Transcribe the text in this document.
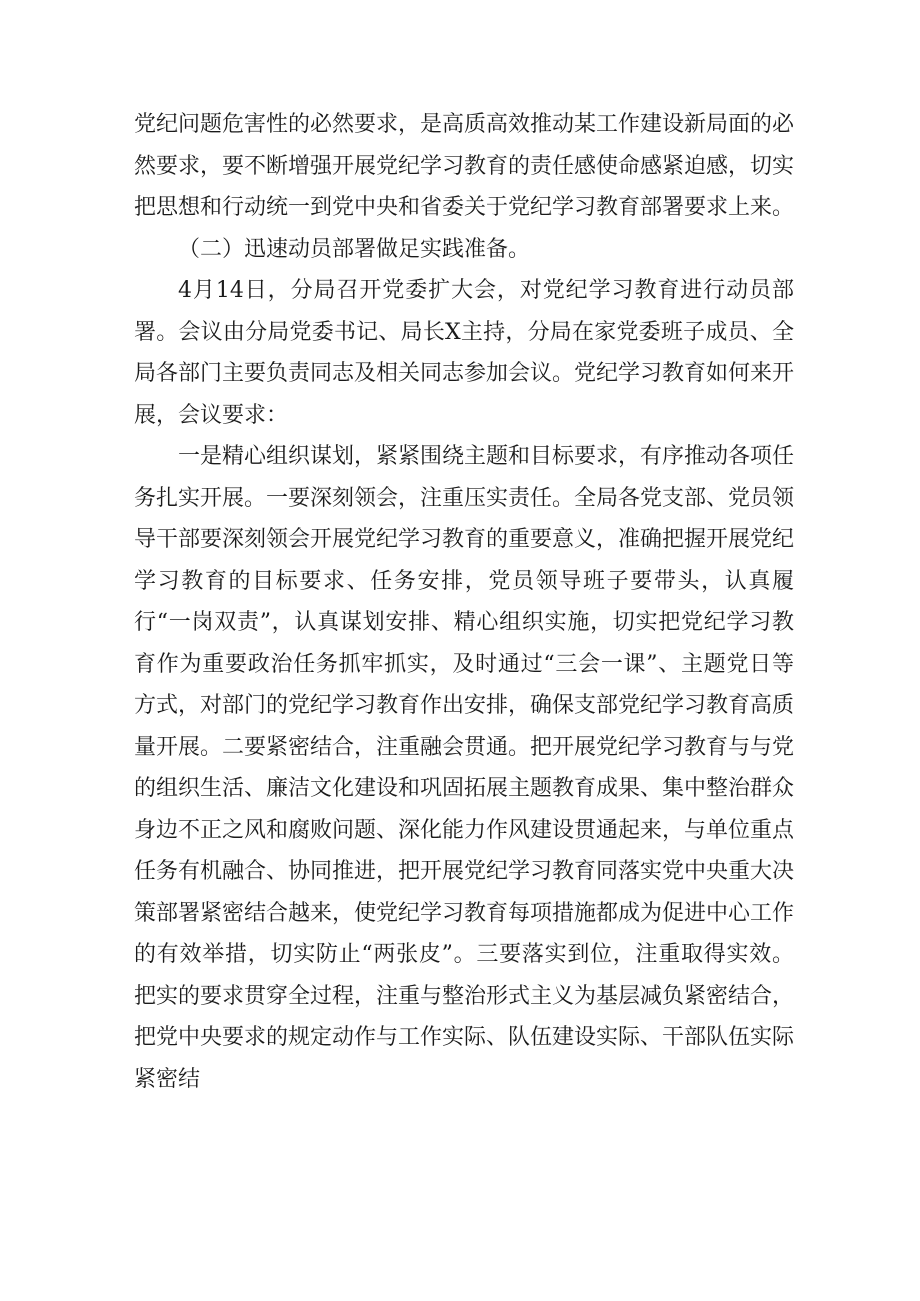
党纪问题危害性的必然要求，是高质高效推动某工作建设新局面的必然要求，要不断增强开展党纪学习教育的责任感使命感紧迫感，切实把思想和行动统一到党中央和省委关于党纪学习教育部署要求上来。

（二）迅速动员部署做足实践准备。

4月14日，分局召开党委扩大会，对党纪学习教育进行动员部署。会议由分局党委书记、局长X主持，分局在家党委班子成员、全局各部门主要负责同志及相关同志参加会议。党纪学习教育如何来开展，会议要求：

一是精心组织谋划，紧紧围绕主题和目标要求，有序推动各项任务扎实开展。一要深刻领会，注重压实责任。全局各党支部、党员领导干部要深刻领会开展党纪学习教育的重要意义，准确把握开展党纪学习教育的目标要求、任务安排，党员领导班子要带头，认真履行“一岗双责”，认真谋划安排、精心组织实施，切实把党纪学习教育作为重要政治任务抓牢抓实，及时通过“三会一课”、主题党日等方式，对部门的党纪学习教育作出安排，确保支部党纪学习教育高质量开展。二要紧密结合，注重融会贯通。把开展党纪学习教育与与党的组织生活、廉洁文化建设和巩固拓展主题教育成果、集中整治群众身边不正之风和腐败问题、深化能力作风建设贯通起来，与单位重点任务有机融合、协同推进，把开展党纪学习教育同落实党中央重大决策部署紧密结合越来，使党纪学习教育每项措施都成为促进中心工作的有效举措，切实防止“两张皮”。三要落实到位，注重取得实效。把实的要求贯穿全过程，注重与整治形式主义为基层减负紧密结合，把党中央要求的规定动作与工作实际、队伍建设实际、干部队伍实际紧密结
